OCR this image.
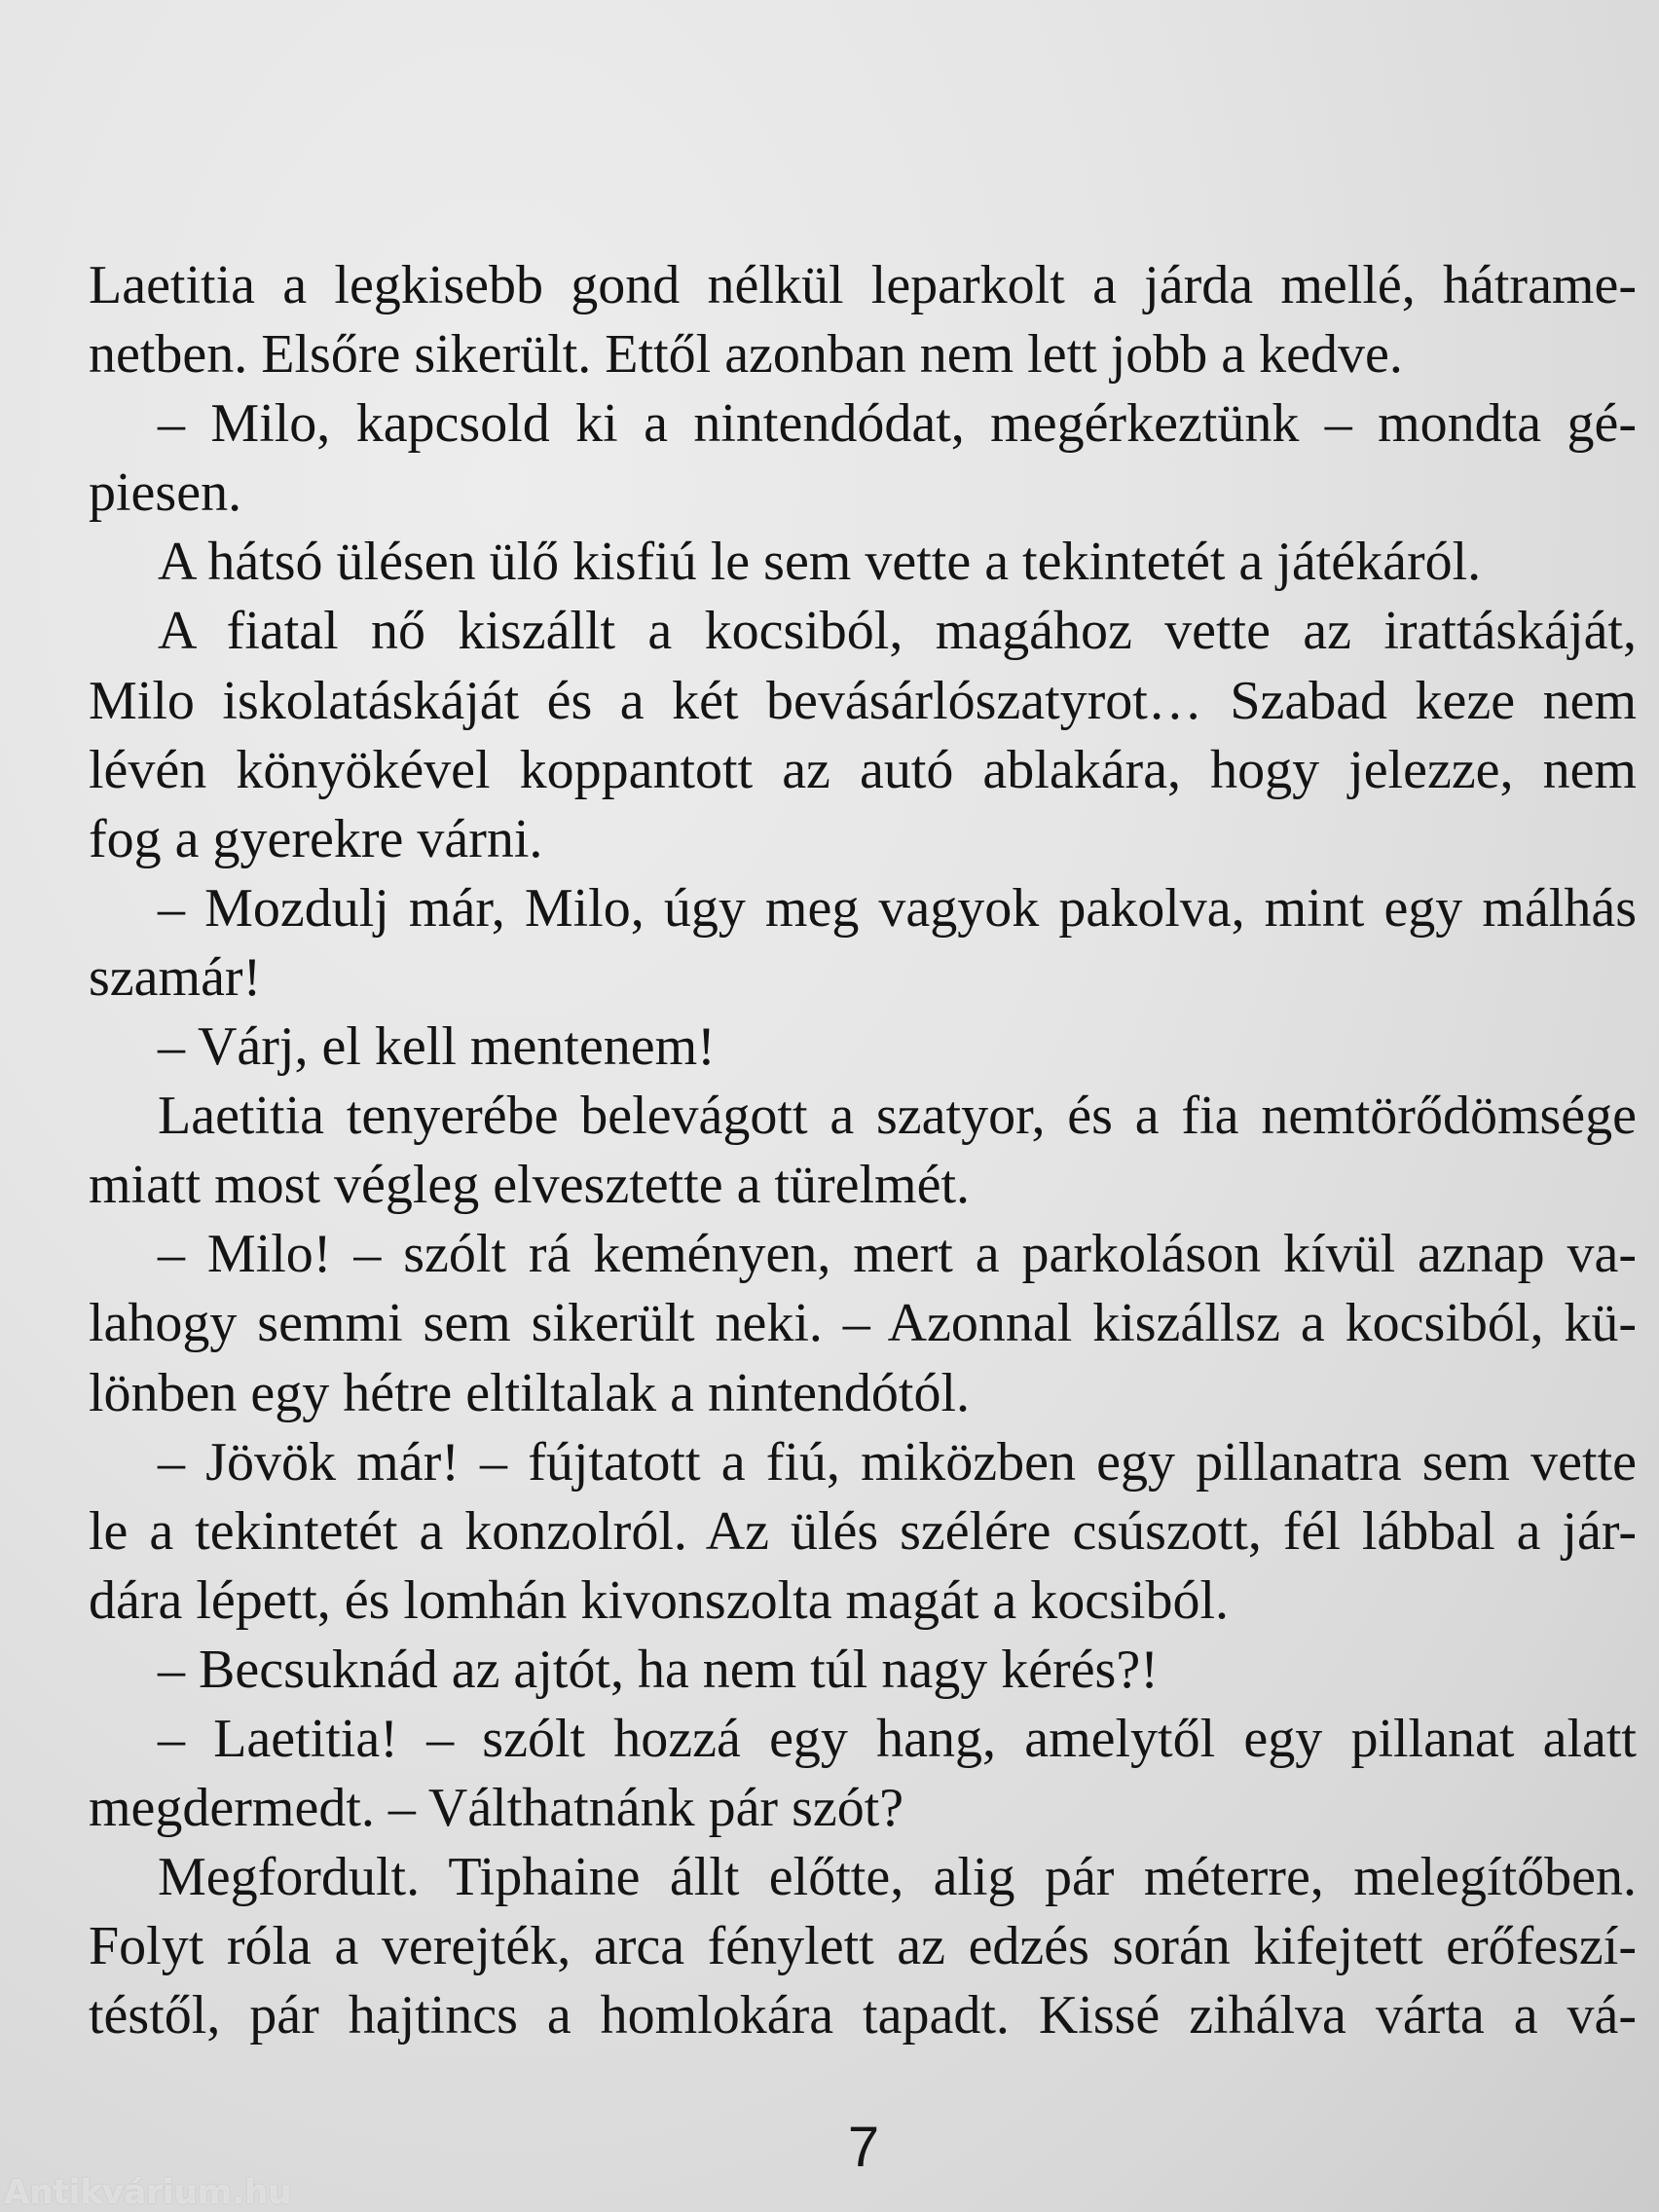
Laetitia a legkisebb gond nélkül leparkolt a járda mellé, hátrame-
netben. Elsőre sikerült. Ettől azonban nem lett jobb a kedve.
– Milo, kapcsold ki a nintendódat, megérkeztünk – mondta gé-
piesen.
A hátsó ülésen ülő kisfiú le sem vette a tekintetét a játékáról.
A fiatal nő kiszállt a kocsiból, magához vette az irattáskáját,
Milo iskolatáskáját és a két bevásárlószatyrot… Szabad keze nem
lévén könyökével koppantott az autó ablakára, hogy jelezze, nem
fog a gyerekre várni.
– Mozdulj már, Milo, úgy meg vagyok pakolva, mint egy málhás
szamár!
– Várj, el kell mentenem!
Laetitia tenyerébe belevágott a szatyor, és a fia nemtörődömsége
miatt most végleg elvesztette a türelmét.
– Milo! – szólt rá keményen, mert a parkoláson kívül aznap va-
lahogy semmi sem sikerült neki. – Azonnal kiszállsz a kocsiból, kü-
lönben egy hétre eltiltalak a nintendótól.
– Jövök már! – fújtatott a fiú, miközben egy pillanatra sem vette
le a tekintetét a konzolról. Az ülés szélére csúszott, fél lábbal a jár-
dára lépett, és lomhán kivonszolta magát a kocsiból.
– Becsuknád az ajtót, ha nem túl nagy kérés?!
– Laetitia! – szólt hozzá egy hang, amelytől egy pillanat alatt
megdermedt. – Válthatnánk pár szót?
Megfordult. Tiphaine állt előtte, alig pár méterre, melegítőben.
Folyt róla a verejték, arca fénylett az edzés során kifejtett erőfeszí-
téstől, pár hajtincs a homlokára tapadt. Kissé zihálva várta a vá-
7
Antikvárium.hu
